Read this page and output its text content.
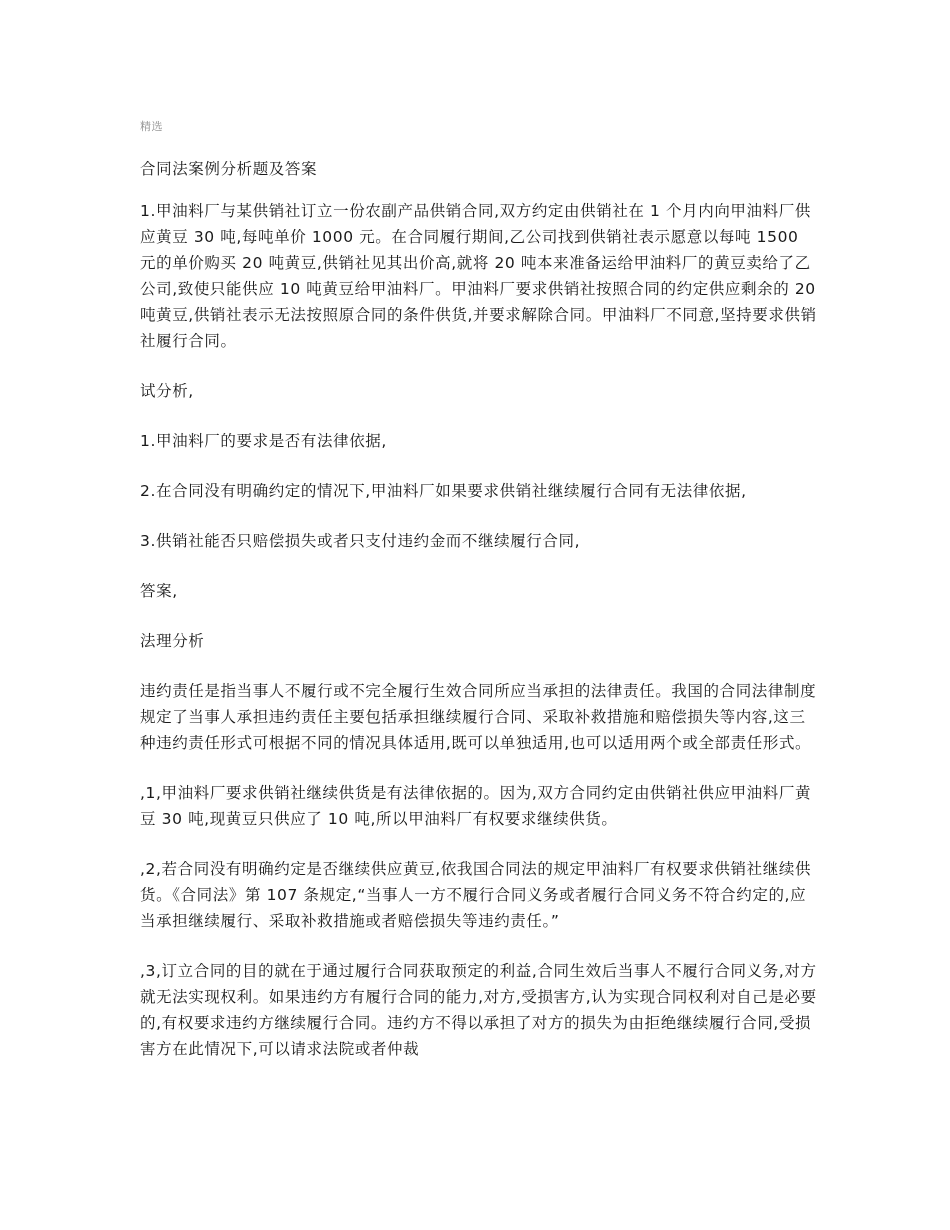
精选
合同法案例分析题及答案

1.甲油料厂与某供销社订立一份农副产品供销合同,双方约定由供销社在 1 个月内向甲油料厂供应黄豆 30 吨,每吨单价 1000 元。在合同履行期间,乙公司找到供销社表示愿意以每吨 1500 元的单价购买 20 吨黄豆,供销社见其出价高,就将 20 吨本来准备运给甲油料厂的黄豆卖给了乙公司,致使只能供应 10 吨黄豆给甲油料厂。甲油料厂要求供销社按照合同的约定供应剩余的 20 吨黄豆,供销社表示无法按照原合同的条件供货,并要求解除合同。甲油料厂不同意,坚持要求供销社履行合同。

试分析,

1.甲油料厂的要求是否有法律依据,

2.在合同没有明确约定的情况下,甲油料厂如果要求供销社继续履行合同有无法律依据,

3.供销社能否只赔偿损失或者只支付违约金而不继续履行合同,

答案,

法理分析

违约责任是指当事人不履行或不完全履行生效合同所应当承担的法律责任。我国的合同法律制度规定了当事人承担违约责任主要包括承担继续履行合同、采取补救措施和赔偿损失等内容,这三种违约责任形式可根据不同的情况具体适用,既可以单独适用,也可以适用两个或全部责任形式。

,1,甲油料厂要求供销社继续供货是有法律依据的。因为,双方合同约定由供销社供应甲油料厂黄豆 30 吨,现黄豆只供应了 10 吨,所以甲油料厂有权要求继续供货。

,2,若合同没有明确约定是否继续供应黄豆,依我国合同法的规定甲油料厂有权要求供销社继续供货。《合同法》第 107 条规定,“当事人一方不履行合同义务或者履行合同义务不符合约定的,应当承担继续履行、采取补救措施或者赔偿损失等违约责任。”

,3,订立合同的目的就在于通过履行合同获取预定的利益,合同生效后当事人不履行合同义务,对方就无法实现权利。如果违约方有履行合同的能力,对方,受损害方,认为实现合同权利对自己是必要的,有权要求违约方继续履行合同。违约方不得以承担了对方的损失为由拒绝继续履行合同,受损害方在此情况下,可以请求法院或者仲裁
